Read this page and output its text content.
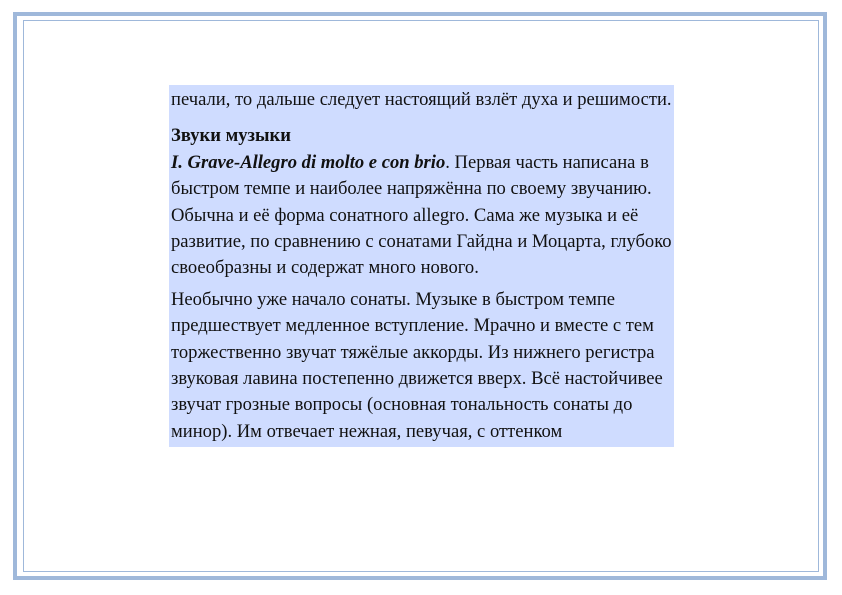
печали, то дальше следует настоящий взлёт духа и решимости.

Звуки музыки

I. Grave-Allegro di molto e con brio. Первая часть написана в быстром темпе и наиболее напряжённа по своему звучанию. Обычна и её форма сонатного allegro. Сама же музыка и её развитие, по сравнению с сонатами Гайдна и Моцарта, глубоко своеобразны и содержат много нового.

Необычно уже начало сонаты. Музыке в быстром темпе предшествует медленное вступление. Мрачно и вместе с тем торжественно звучат тяжёлые аккорды. Из нижнего регистра звуковая лавина постепенно движется вверх. Всё настойчивее звучат грозные вопросы (основная тональность сонаты до минор). Им отвечает нежная, певучая, с оттенком
